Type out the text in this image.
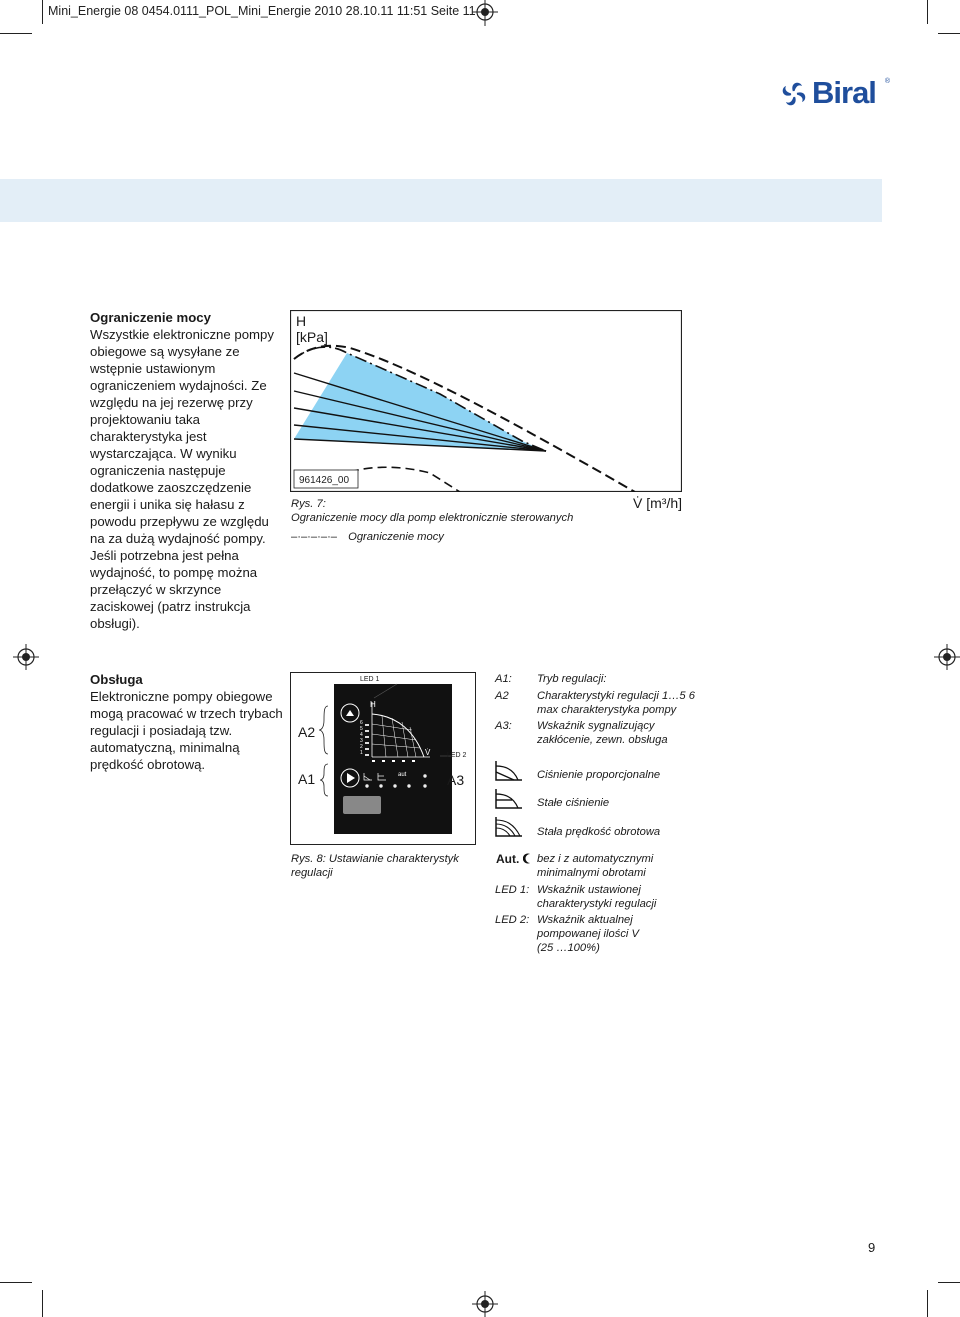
Mini_Energie 08 0454.0111_POL_Mini_Energie 2010 28.10.11 11:51 Seite 11
Biral ®
Ograniczenie mocy

Wszystkie elektroniczne pompy obiegowe są wysyłane ze wstępnie ustawionym ograniczeniem wydajności. Ze względu na jej rezerwę przy projektowaniu taka charakterystyka jest wystarczająca. W wyniku ograniczenia następuje dodatkowe zaoszczędzenie energii i unika się hałasu z powodu przepływu ze względu na za dużą wydajność pompy. Jeśli potrzebna jest pełna wydajność, to pompę można przełączyć w skrzynce zaciskowej (patrz instrukcja obsługi).

Obsługa

Elektroniczne pompy obiegowe mogą pracować w trzech trybach regulacji i posiadają tzw. automatyczną, minimalną prędkość obrotową.

961426_00
H
[kPa]
V̇ [m³/h]
Rys. 7:
Ograniczenie mocy dla pomp elektronicznie sterowanych
–·–·–·–·– Ograniczenie mocy
A2
A1	A3
LED 1
LED 2
H
V̇
6
5
4
3
2
1
aut
Rys. 8: Ustawianie charakterystyk regulacji
A1:	Tryb regulacji:
A2	Charakterystyki regulacji 1…5 6 max charakterystyka pompy
A3: Wskaźnik sygnalizujący zakłócenie, zewn. obsługa
Ciśnienie proporcjonalne
Stałe ciśnienie
Stała prędkość obrotowa
Aut.	bez i z automatycznymi minimalnymi obrotami
LED 1: Wskaźnik ustawionej charakterystyki regulacji
LED 2: Wskaźnik aktualnej pompowanej ilości V (25 …100%)
9
